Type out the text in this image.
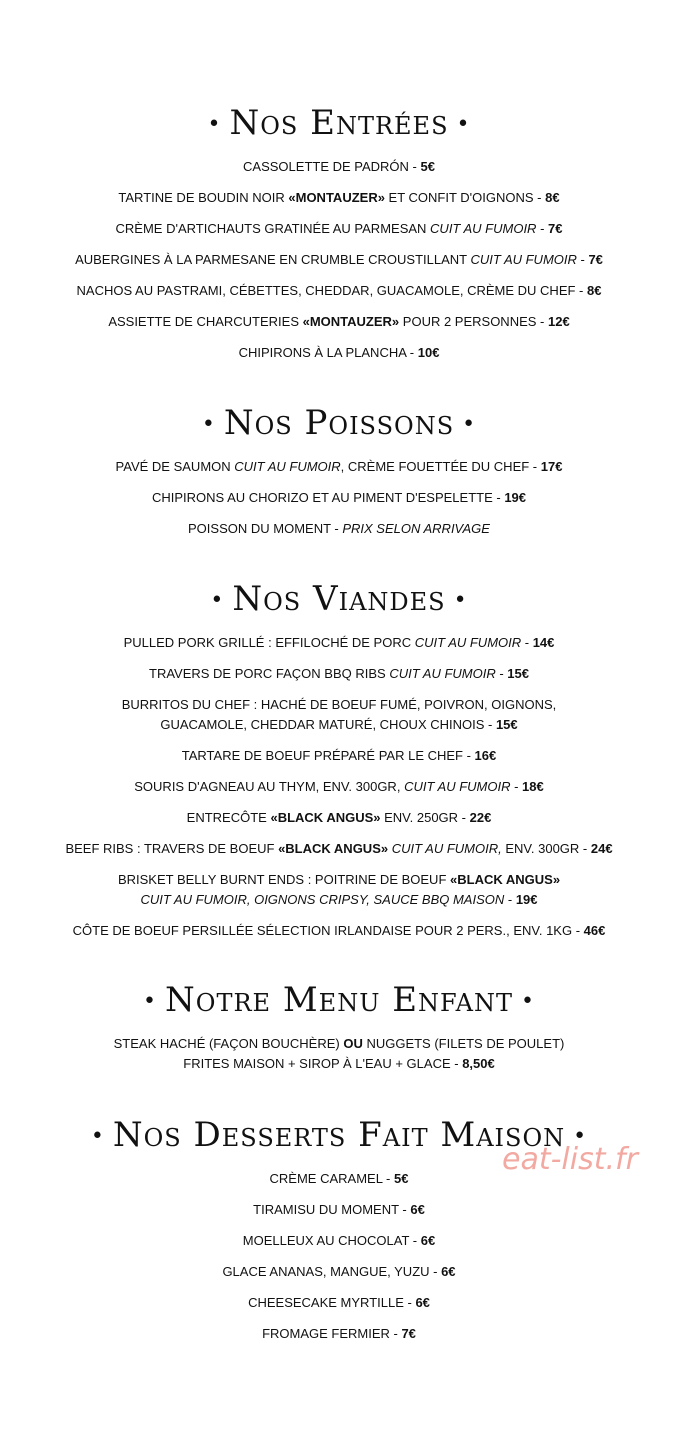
• Nos Entrées •
CASSOLETTE DE PADRÓN - 5€
TARTINE DE BOUDIN NOIR «MONTAUZER» ET CONFIT D'OIGNONS - 8€
CRÈME D'ARTICHAUTS GRATINÉE AU PARMESAN CUIT AU FUMOIR - 7€
AUBERGINES À LA PARMESANE EN CRUMBLE CROUSTILLANT CUIT AU FUMOIR - 7€
NACHOS AU PASTRAMI, CÉBETTES, CHEDDAR, GUACAMOLE, CRÈME DU CHEF - 8€
ASSIETTE DE CHARCUTERIES «MONTAUZER» POUR 2 PERSONNES - 12€
CHIPIRONS À LA PLANCHA - 10€
• Nos Poissons •
PAVÉ DE SAUMON CUIT AU FUMOIR, CRÈME FOUETTÉE DU CHEF - 17€
CHIPIRONS AU CHORIZO ET AU PIMENT D'ESPELETTE - 19€
POISSON DU MOMENT - PRIX SELON ARRIVAGE
• Nos Viandes •
PULLED PORK GRILLÉ : EFFILOCHÉ DE PORC CUIT AU FUMOIR - 14€
TRAVERS DE PORC FAÇON BBQ RIBS CUIT AU FUMOIR - 15€
BURRITOS DU CHEF : HACHÉ DE BOEUF FUMÉ, POIVRON, OIGNONS,
GUACAMOLE, CHEDDAR MATURÉ, CHOUX CHINOIS - 15€
TARTARE DE BOEUF PRÉPARÉ PAR LE CHEF - 16€
SOURIS D'AGNEAU AU THYM, ENV. 300GR, CUIT AU FUMOIR - 18€
ENTRECÔTE «BLACK ANGUS» ENV. 250GR - 22€
BEEF RIBS : TRAVERS DE BOEUF «BLACK ANGUS» CUIT AU FUMOIR, ENV. 300GR - 24€
BRISKET BELLY BURNT ENDS : POITRINE DE BOEUF «BLACK ANGUS»
CUIT AU FUMOIR, OIGNONS CRIPSY, SAUCE BBQ MAISON - 19€
CÔTE DE BOEUF PERSILLÉE SÉLECTION IRLANDAISE POUR 2 PERS., ENV. 1KG - 46€
• Notre Menu Enfant •
STEAK HACHÉ (FAÇON BOUCHÈRE) OU NUGGETS (FILETS DE POULET)
FRITES MAISON + SIROP À L'EAU + GLACE - 8,50€
• Nos Desserts Fait Maison •
CRÈME CARAMEL - 5€
TIRAMISU DU MOMENT - 6€
MOELLEUX AU CHOCOLAT - 6€
GLACE ANANAS, MANGUE, YUZU - 6€
CHEESECAKE MYRTILLE - 6€
FROMAGE FERMIER - 7€
eat-list.fr
